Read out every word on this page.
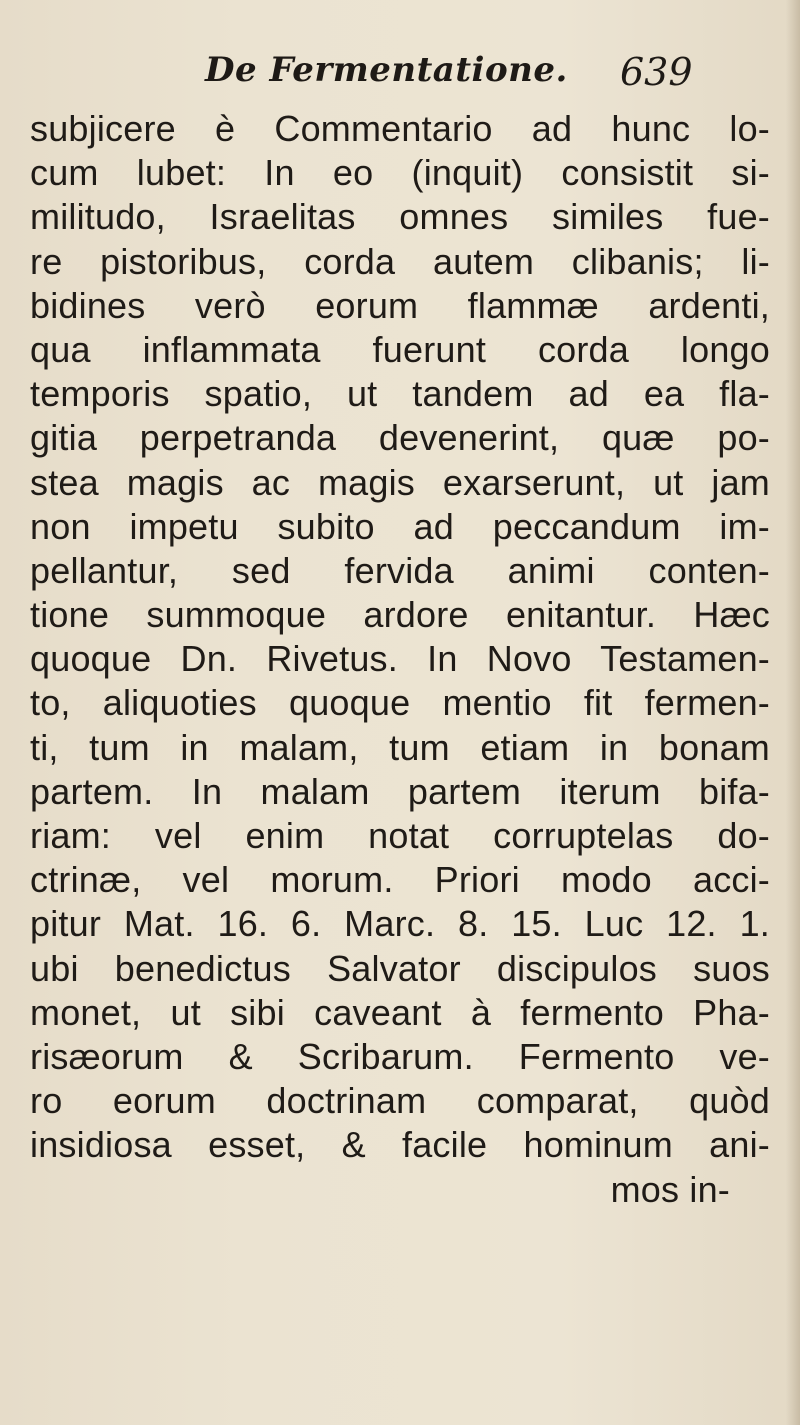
De Fermentatione. 639
subjicere è Commentario ad hunc lo-
cum lubet: In eo (inquit) consistit si-
militudo, Israelitas omnes similes fue-
re pistoribus, corda autem clibanis; li-
bidines verò eorum flammæ ardenti,
qua inflammata fuerunt corda longo
temporis spatio, ut tandem ad ea fla-
gitia perpetranda devenerint, quæ po-
stea magis ac magis exarserunt, ut jam
non impetu subito ad peccandum im-
pellantur, sed fervida animi conten-
tione summoque ardore enitantur. Hæc
quoque Dn. Rivetus. In Novo Testamen-
to, aliquoties quoque mentio fit fermen-
ti, tum in malam, tum etiam in bonam
partem. In malam partem iterum bifa-
riam: vel enim notat corruptelas do-
ctrinæ, vel morum. Priori modo acci-
pitur Mat. 16. 6. Marc. 8. 15. Luc 12. 1.
ubi benedictus Salvator discipulos suos
monet, ut sibi caveant à fermento Pha-
risæorum & Scribarum. Fermento ve-
ro eorum doctrinam comparat, quòd
insidiosa esset, & facile hominum ani-
mos in-
